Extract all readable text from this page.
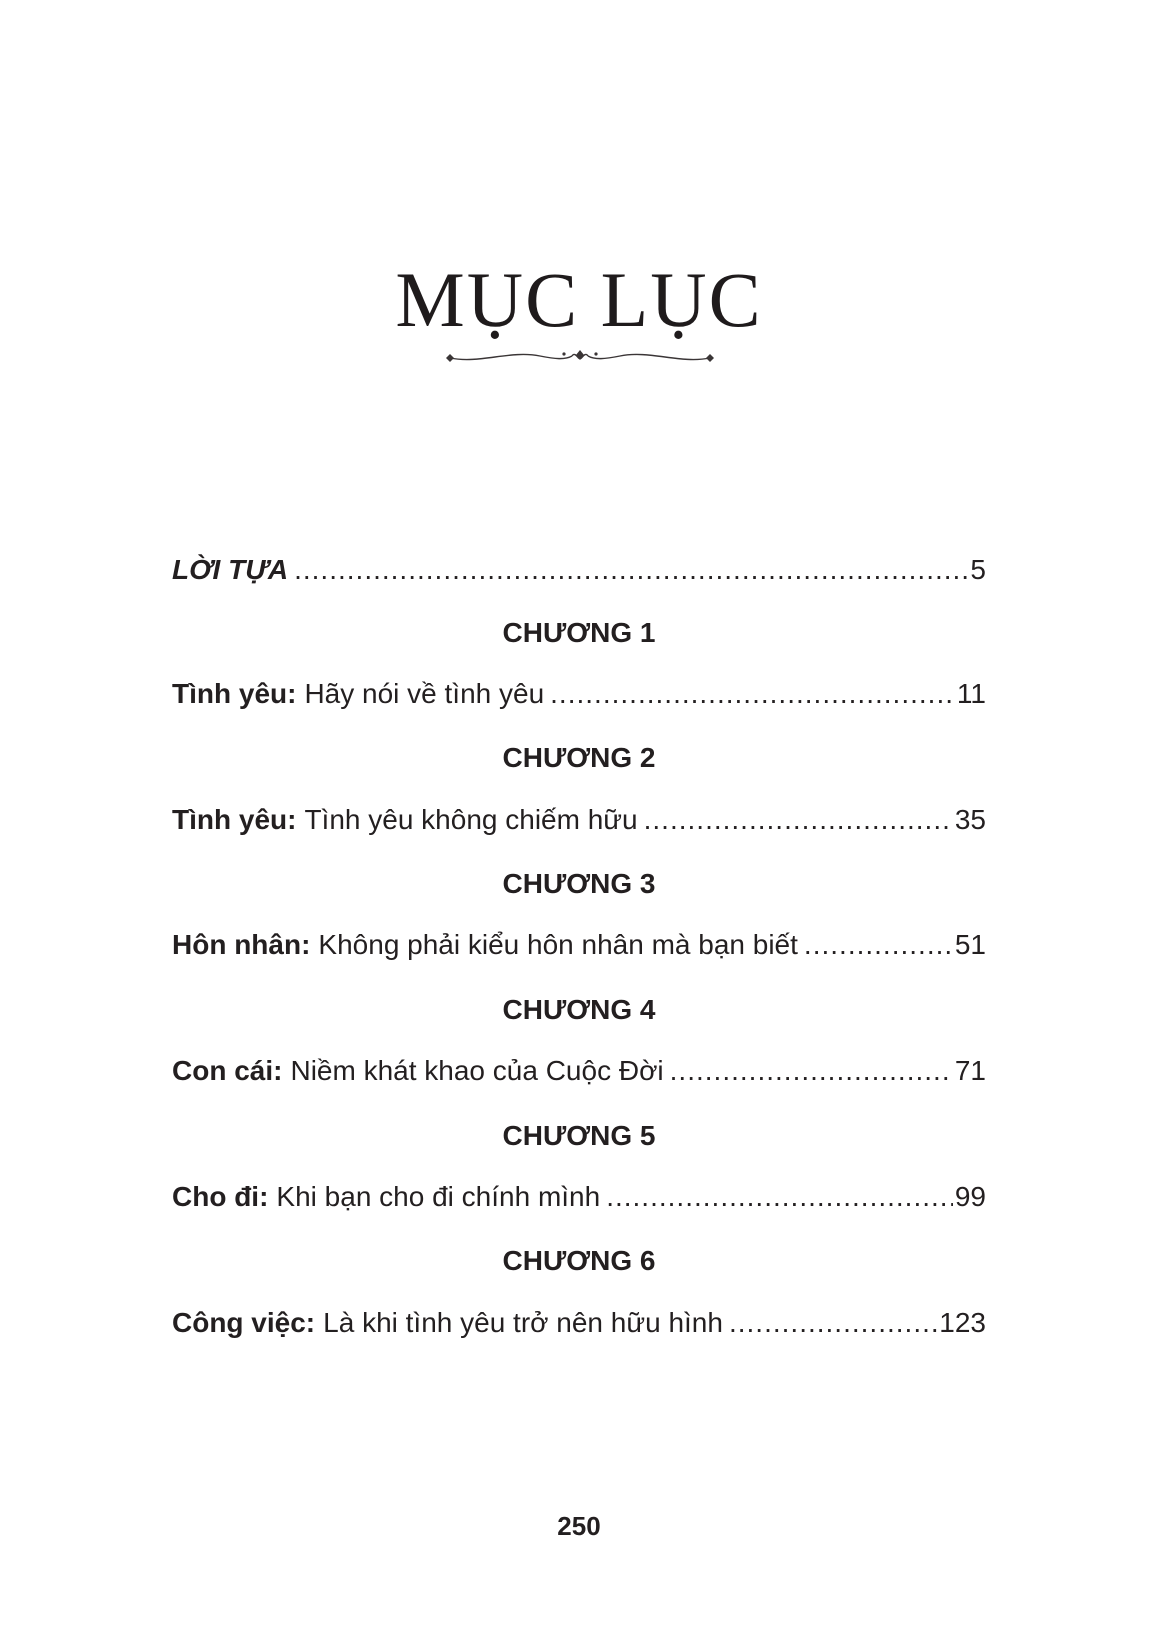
MỤC LỤC
LỜI TỰA .....	5
CHƯƠNG 1
Tình yêu: Hãy nói về tình yêu .....	11
CHƯƠNG 2
Tình yêu: Tình yêu không chiếm hữu .....	35
CHƯƠNG 3
Hôn nhân: Không phải kiểu hôn nhân mà bạn biết .....	51
CHƯƠNG 4
Con cái: Niềm khát khao của Cuộc Đời .....	71
CHƯƠNG 5
Cho đi: Khi bạn cho đi chính mình .....	99
CHƯƠNG 6
Công việc: Là khi tình yêu trở nên hữu hình .....	123
250
